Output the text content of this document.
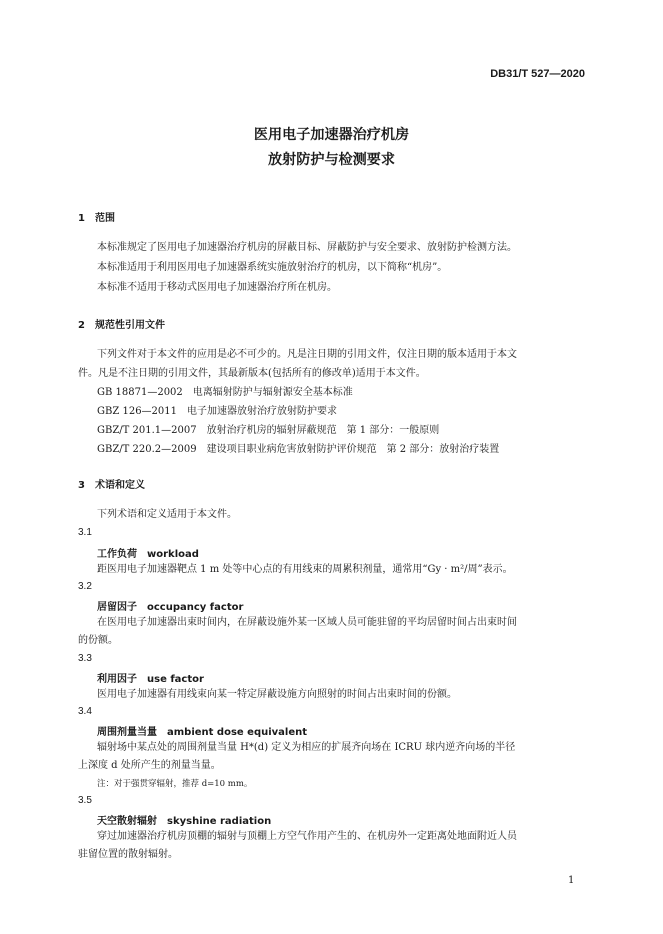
DB31/T 527—2020
医用电子加速器治疗机房
放射防护与检测要求
1　范围
本标准规定了医用电子加速器治疗机房的屏蔽目标、屏蔽防护与安全要求、放射防护检测方法。
本标准适用于利用医用电子加速器系统实施放射治疗的机房，以下简称“机房”。
本标准不适用于移动式医用电子加速器治疗所在机房。
2　规范性引用文件
下列文件对于本文件的应用是必不可少的。凡是注日期的引用文件，仅注日期的版本适用于本文
件。凡是不注日期的引用文件，其最新版本(包括所有的修改单)适用于本文件。
GB 18871—2002　电离辐射防护与辐射源安全基本标准
GBZ 126—2011　电子加速器放射治疗放射防护要求
GBZ/T 201.1—2007　放射治疗机房的辐射屏蔽规范　第 1 部分：一般原则
GBZ/T 220.2—2009　建设项目职业病危害放射防护评价规范　第 2 部分：放射治疗装置
3　术语和定义
下列术语和定义适用于本文件。
3.1
工作负荷　workload
距医用电子加速器靶点 1 m 处等中心点的有用线束的周累积剂量，通常用“Gy · m²/周”表示。
3.2
居留因子　occupancy factor
在医用电子加速器出束时间内，在屏蔽设施外某一区域人员可能驻留的平均居留时间占出束时间
的份额。
3.3
利用因子　use factor
医用电子加速器有用线束向某一特定屏蔽设施方向照射的时间占出束时间的份额。
3.4
周围剂量当量　ambient dose equivalent
辐射场中某点处的周围剂量当量 H*(d) 定义为相应的扩展齐向场在 ICRU 球内逆齐向场的半径
上深度 d 处所产生的剂量当量。
注：对于强贯穿辐射，推荐 d=10 mm。
3.5
天空散射辐射　skyshine radiation
穿过加速器治疗机房顶棚的辐射与顶棚上方空气作用产生的、在机房外一定距离处地面附近人员
驻留位置的散射辐射。
1
